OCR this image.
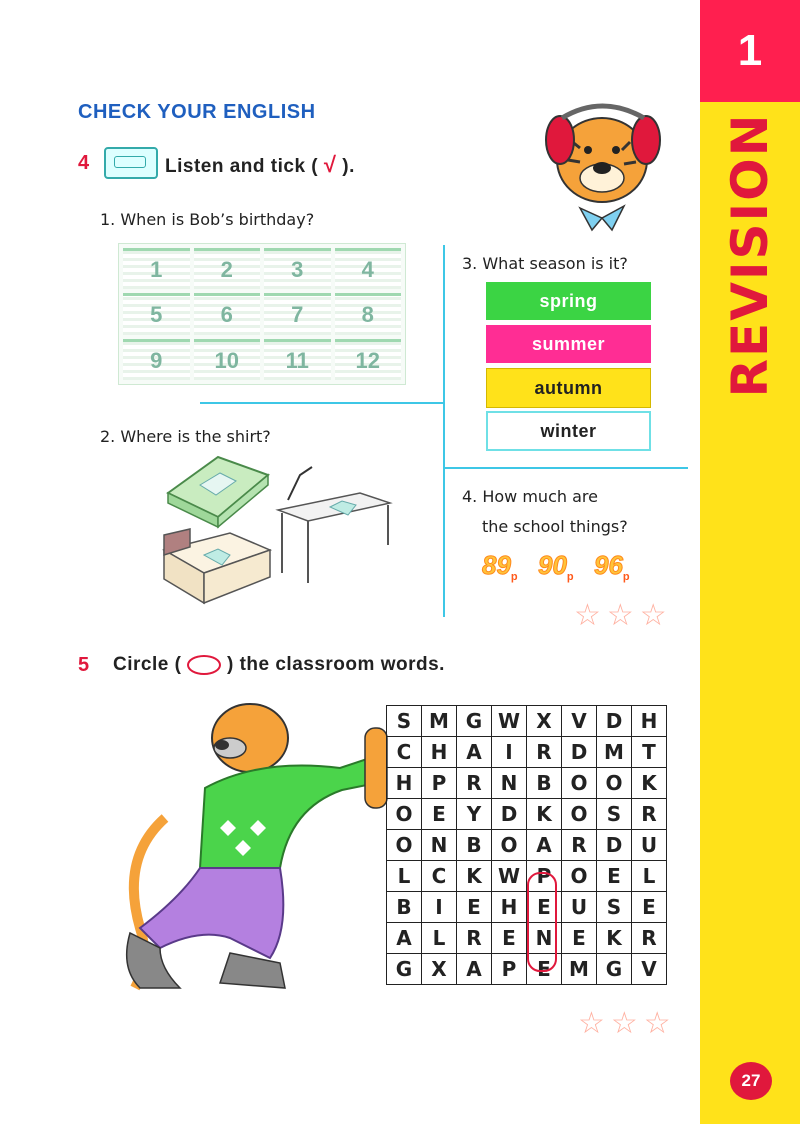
1
REVISION
27
CHECK YOUR ENGLISH
4	Listen and tick ( √ ).
1. When is Bob’s birthday?
1	2	3	4
5	6	7	8
9	10	11	12
3. What season is it?
spring
summer
autumn
winter
2. Where is the shirt?
4. How much are
the school things?
$89_p$ $90_p$ $96_p$
☆☆☆
5 Circle ( ) the classroom words.
S	M	G	W	X	V	D	H
C	H	A	I	R	D	M	T
H	P	R	N	B	O	O	K
O	E	Y	D	K	O	S	R
O	N	B	O	A	R	D	U
L	C	K	W	P	O	E	L
B	I	E	H	E	U	S	E
A	L	R	E	N	E	K	R
G	X	A	P	E	M	G	V
☆☆☆
